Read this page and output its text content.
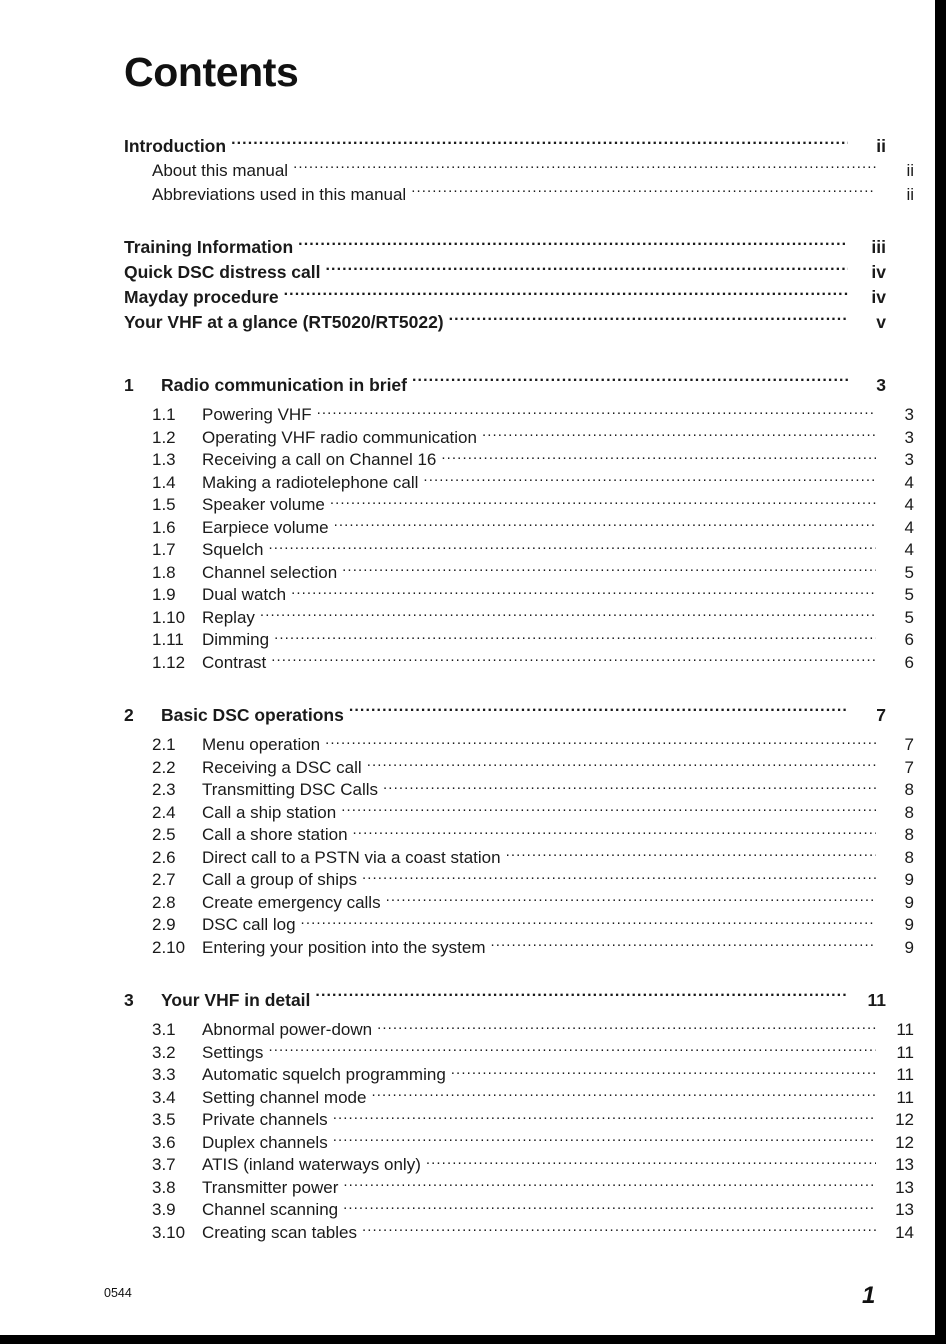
Contents
Introduction .....	ii
About this manual .....	ii
Abbreviations used in this manual .....	ii
Training Information .....	iii
Quick DSC distress call .....	iv
Mayday procedure .....	iv
Your VHF at a glance (RT5020/RT5022) .....	v
1	Radio communication in brief .....	3
1.1	Powering VHF .....	3
1.2	Operating VHF radio communication .....	3
1.3	Receiving a call on Channel 16 .....	3
1.4	Making a radiotelephone call .....	4
1.5	Speaker volume .....	4
1.6	Earpiece volume .....	4
1.7	Squelch .....	4
1.8	Channel selection .....	5
1.9	Dual watch .....	5
1.10 Replay .....	5
1.11	Dimming .....	6
1.12 Contrast .....	6
2	Basic DSC operations .....	7
2.1	Menu operation .....	7
2.2	Receiving a DSC call .....	7
2.3	Transmitting DSC Calls .....	8
2.4	Call a ship station .....	8
2.5	Call a shore station .....	8
2.6	Direct call to a PSTN via a coast station .....	8
2.7	Call a group of ships .....	9
2.8	Create emergency calls .....	9
2.9	DSC call log .....	9
2.10 Entering your position into the system .....	9
3	Your VHF in detail .....	11
3.1	Abnormal power-down .....	11
3.2	Settings .....	11
3.3	Automatic squelch programming .....	11
3.4	Setting channel mode .....	11
3.5	Private channels .....	12
3.6	Duplex channels .....	12
3.7	ATIS (inland waterways only) .....	13
3.8	Transmitter power .....	13
3.9	Channel scanning .....	13
3.10 Creating scan tables .....	14
0544	1
